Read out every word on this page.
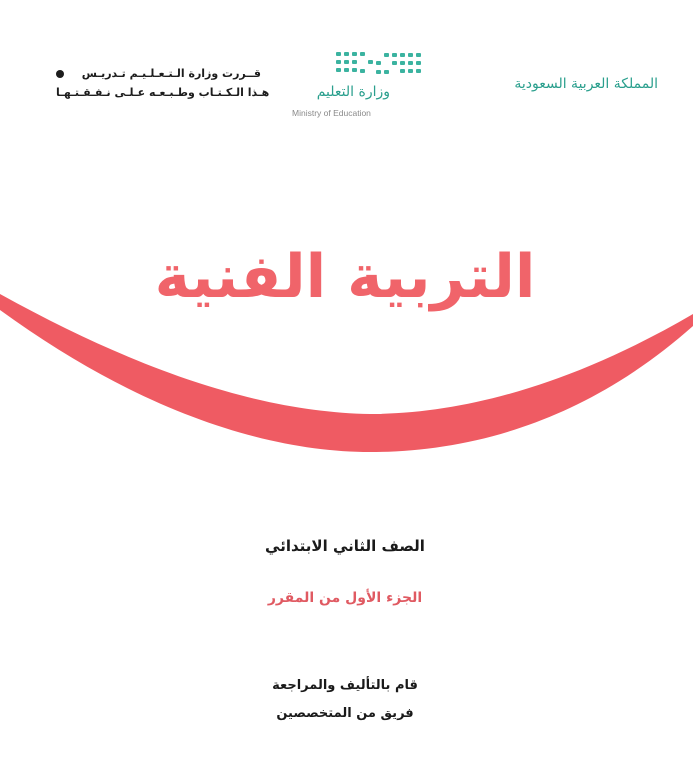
المملكة العربية السعودية
وزارة التعليم
Ministry of Education
قــررت وزارة الـتـعـلـيـم تـدريـس
هـذا الـكـتـاب وطـبـعـه عـلـى نـفـقـتـهـا
التربية الفنية
الصف الثاني الابتدائي
الجزء الأول من المقرر
قام بالتأليف والمراجعة
فريق من المتخصصين
